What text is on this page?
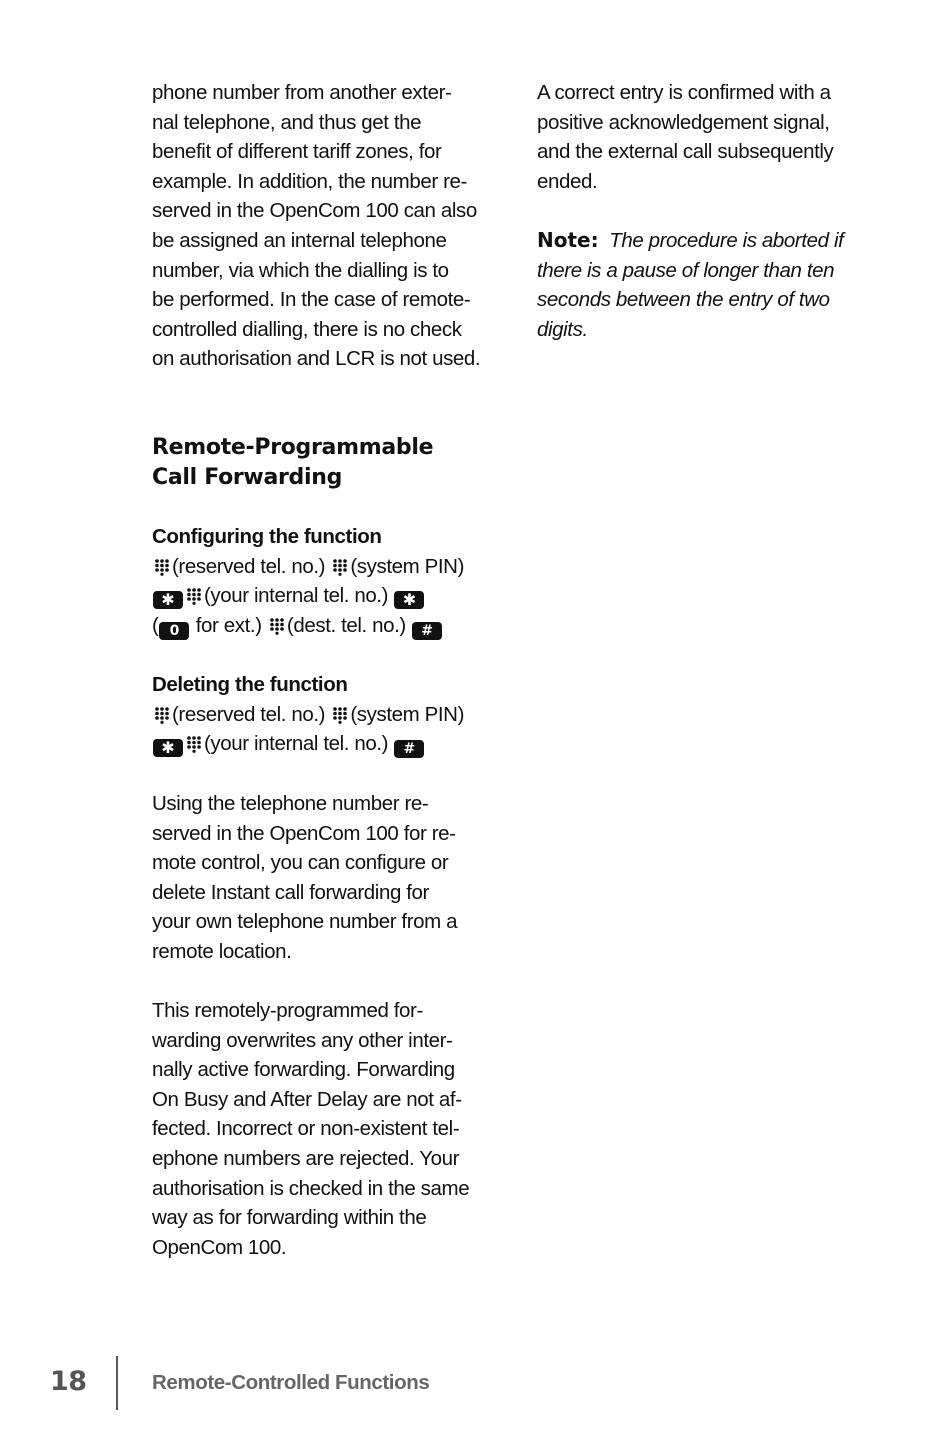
phone number from another exter-
nal telephone, and thus get the
benefit of different tariff zones, for
example. In addition, the number re-
served in the OpenCom 100 can also
be assigned an internal telephone
number, via which the dialling is to
be performed. In the case of remote-
controlled dialling, there is no check
on authorisation and LCR is not used.

Remote-Programmable
Call Forwarding
Configuring the function
(reserved tel. no.) (system PIN)
✱ (your internal tel. no.) ✱
( 0 for ext.) (dest. tel. no.) #
Deleting the function
(reserved tel. no.) (system PIN)
✱ (your internal tel. no.) #
Using the telephone number re-
served in the OpenCom 100 for re-
mote control, you can configure or
delete Instant call forwarding for
your own telephone number from a
remote location.
This remotely-programmed for-
warding overwrites any other inter-
nally active forwarding. Forwarding
On Busy and After Delay are not af-
fected. Incorrect or non-existent tel-
ephone numbers are rejected. Your
authorisation is checked in the same
way as for forwarding within the
OpenCom 100.

A correct entry is confirmed with a
positive acknowledgement signal,
and the external call subsequently
ended.

Note: The procedure is aborted if
there is a pause of longer than ten
seconds between the entry of two
digits.

18	Remote-Controlled Functions
